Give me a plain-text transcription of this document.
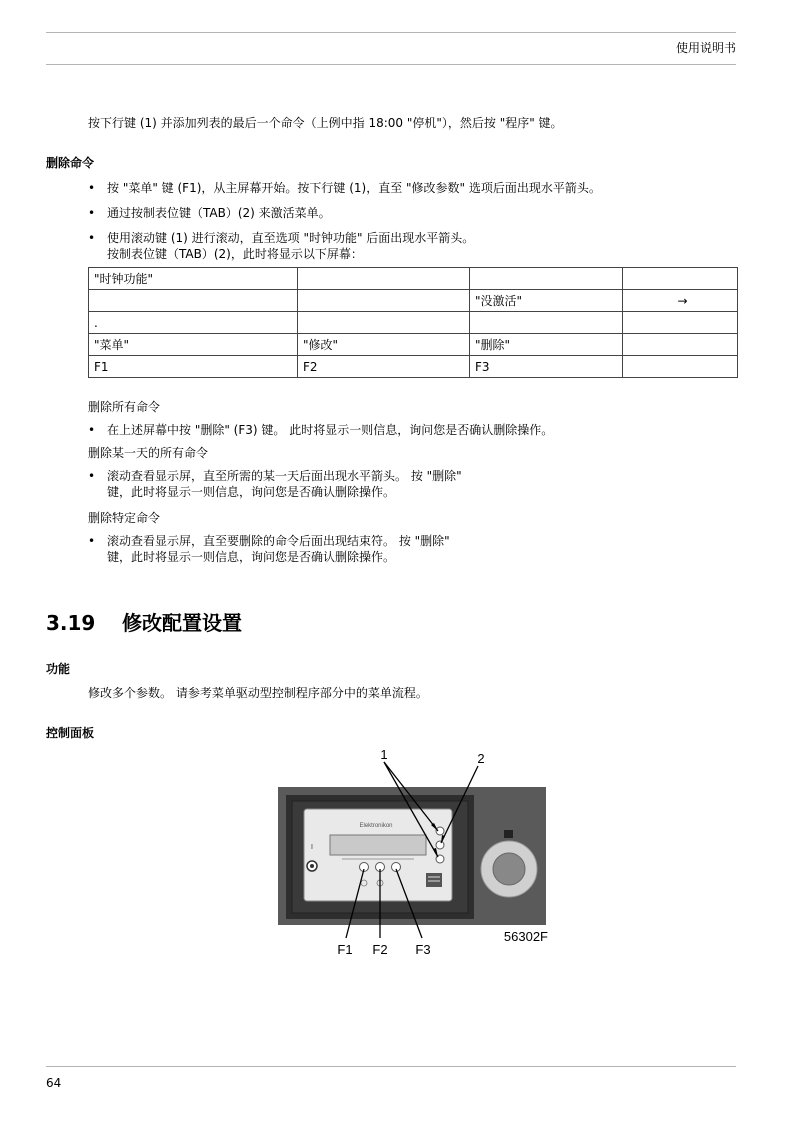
使用说明书
按下行键 (1) 并添加列表的最后一个命令（上例中指 18:00 "停机"），然后按 "程序" 键。
删除命令
• 按 "菜单" 键 (F1)，从主屏幕开始。按下行键 (1)，直至 "修改参数" 选项后面出现水平箭头。
• 通过按制表位键（TAB）(2) 来激活菜单。
• 使用滚动键 (1) 进行滚动，直至选项 "时钟功能" 后面出现水平箭头。
按制表位键（TAB）(2)，此时将显示以下屏幕：
"时钟功能"			
		"没激活"	→
.			
"菜单"	"修改"	"删除"	
F1	F2	F3	
删除所有命令
• 在上述屏幕中按 "删除" (F3) 键。 此时将显示一则信息，询问您是否确认删除操作。
删除某一天的所有命令
• 滚动查看显示屏，直至所需的某一天后面出现水平箭头。 按 "删除"
键，此时将显示一则信息，询问您是否确认删除操作。
删除特定命令
• 滚动查看显示屏，直至要删除的命令后面出现结束符。 按 "删除"
键，此时将显示一则信息，询问您是否确认删除操作。
3.19 修改配置设置
功能
修改多个参数。 请参考菜单驱动型控制程序部分中的菜单流程。
控制面板
Elektronikon
I
1	2
56302F
F1 F2 F3
64
